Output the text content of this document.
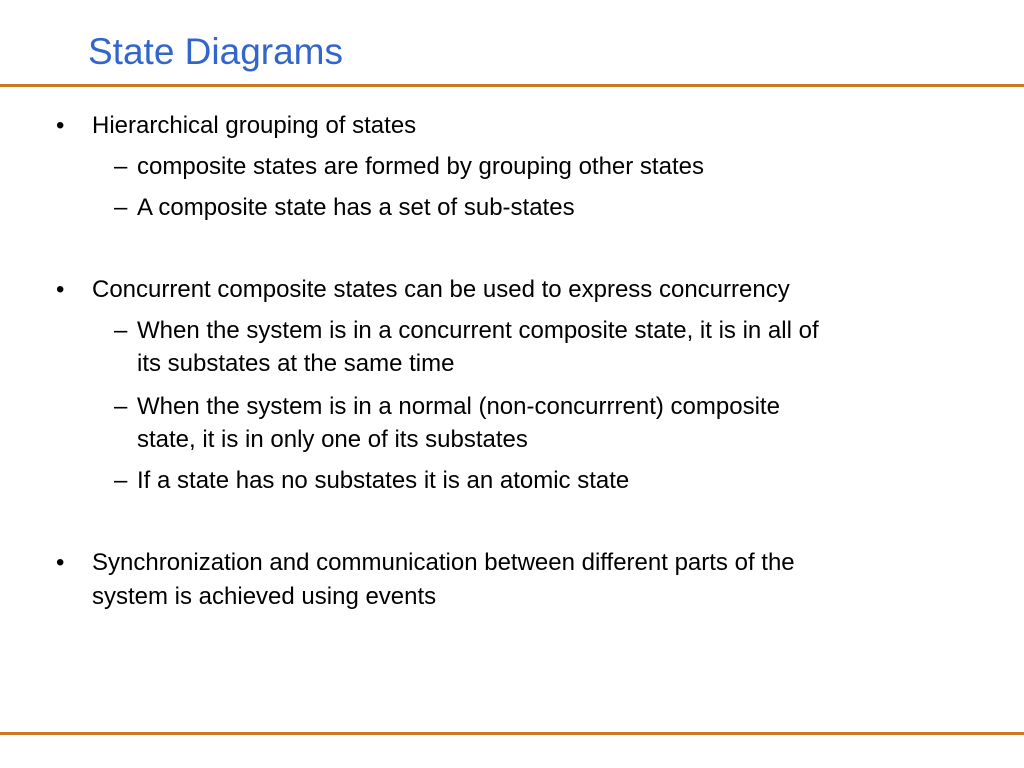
State Diagrams
• Hierarchical grouping of states
– composite states are formed by grouping other states
– A composite state has a set of sub-states
• Concurrent composite states can be used to express concurrency
– When the system is in a concurrent composite state, it is in all of
its substates at the same time
– When the system is in a normal (non-concurrrent) composite
state, it is in only one of its substates
– If a state has no substates it is an atomic state
• Synchronization and communication between different parts of the
system is achieved using events
